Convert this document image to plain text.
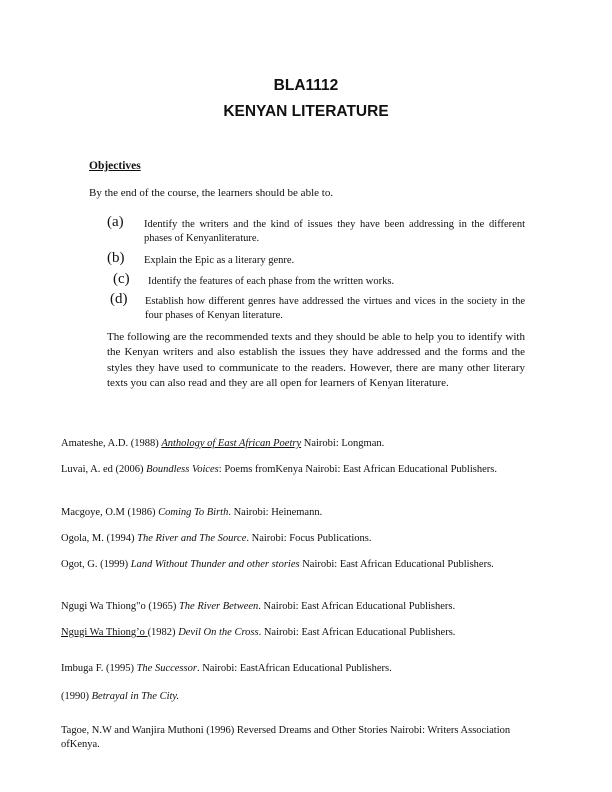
BLA1112
KENYAN LITERATURE
Objectives
By the end of the course, the learners should be able to.
(a) Identify the writers and the kind of issues they have been addressing in the different phases of Kenyanliterature.
(b) Explain the Epic as a literary genre.
(c) Identify the features of each phase from the written works.
(d) Establish how different genres have addressed the virtues and vices in the society in the four phases of Kenyan literature.
The following are the recommended texts and they should be able to help you to identify with the Kenyan writers and also establish the issues they have addressed and the forms and the styles they have used to communicate to the readers. However, there are many other literary texts you can also read and they are all open for learners of Kenyan literature.
Amateshe, A.D. (1988) Anthology of East African Poetry Nairobi: Longman.
Luvai, A. ed (2006) Boundless Voices: Poems fromKenya Nairobi: East African Educational Publishers.
Macgoye, O.M (1986) Coming To Birth. Nairobi: Heinemann.
Ogola, M. (1994) The River and The Source. Nairobi: Focus Publications.
Ogot, G. (1999) Land Without Thunder and other stories Nairobi: East African Educational Publishers.
Ngugi Wa Thiong"o (1965) The River Between. Nairobi: East African Educational Publishers.
Ngugi Wa Thiong’o (1982) Devil On the Cross. Nairobi: East African Educational Publishers.
Imbuga F. (1995) The Successor. Nairobi: EastAfrican Educational Publishers.
(1990) Betrayal in The City.
Tagoe, N.W and Wanjira Muthoni (1996) Reversed Dreams and Other Stories Nairobi: Writers Association ofKenya.
